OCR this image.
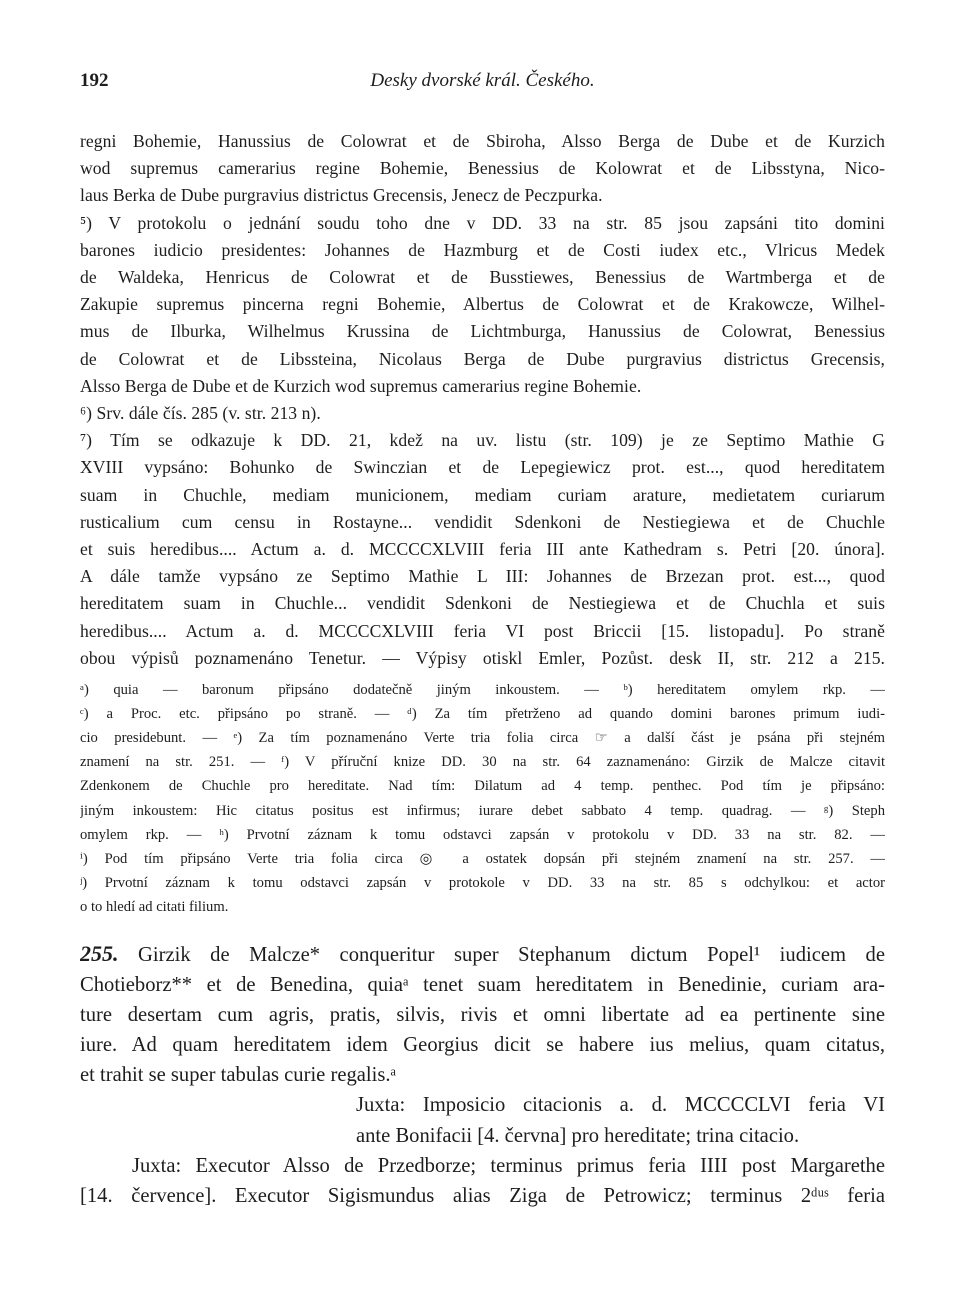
192	Desky dvorské král. Českého.
regni Bohemie, Hanussius de Colowrat et de Sbiroha, Alsso Berga de Dube et de Kurzich
wod supremus camerarius regine Bohemie, Benessius de Kolowrat et de Libsstyna, Nico-
laus Berka de Dube purgravius districtus Grecensis, Jenecz de Peczpurka.
⁵) V protokolu o jednání soudu toho dne v DD. 33 na str. 85 jsou zapsáni tito domini
barones iudicio presidentes: Johannes de Hazmburg et de Costi iudex etc., Vlricus Medek
de Waldeka, Henricus de Colowrat et de Busstiewes, Benessius de Wartmberga et de
Zakupie supremus pincerna regni Bohemie, Albertus de Colowrat et de Krakowcze, Wilhel-
mus de Ilburka, Wilhelmus Krussina de Lichtmburga, Hanussius de Colowrat, Benessius
de Colowrat et de Libssteina, Nicolaus Berga de Dube purgravius districtus Grecensis,
Alsso Berga de Dube et de Kurzich wod supremus camerarius regine Bohemie.
⁶) Srv. dále čís. 285 (v. str. 213 n).
⁷) Tím se odkazuje k DD. 21, kdež na uv. listu (str. 109) je ze Septimo Mathie G
XVIII vypsáno: Bohunko de Swinczian et de Lepegiewicz prot. est..., quod hereditatem
suam in Chuchle, mediam municionem, mediam curiam arature, medietatem curiarum
rusticalium cum censu in Rostayne... vendidit Sdenkoni de Nestiegiewa et de Chuchle
et suis heredibus.... Actum a. d. MCCCCXLVIII feria III ante Kathedram s. Petri [20. února].
A dále tamže vypsáno ze Septimo Mathie L III: Johannes de Brzezan prot. est..., quod
hereditatem suam in Chuchle... vendidit Sdenkoni de Nestiegiewa et de Chuchla et suis
heredibus.... Actum a. d. MCCCCXLVIII feria VI post Briccii [15. listopadu]. Po straně
obou výpisů poznamenáno Tenetur. — Výpisy otiskl Emler, Pozůst. desk II, str. 212 a 215.
ᵃ) quia — baronum připsáno dodatečně jiným inkoustem. — ᵇ) hereditatem omylem rkp. —
ᶜ) a Proc. etc. připsáno po straně. — ᵈ) Za tím přetrženo ad quando domini barones primum iudi-
cio presidebunt. — ᵉ) Za tím poznamenáno Verte tria folia circa ☞ a další část je psána při stejném
znamení na str. 251. — ᶠ) V příruční knize DD. 30 na str. 64 zaznamenáno: Girzik de Malcze citavit
Zdenkonem de Chuchle pro hereditate. Nad tím: Dilatum ad 4 temp. penthec. Pod tím je připsáno:
jiným inkoustem: Hic citatus positus est infirmus; iurare debet sabbato 4 temp. quadrag. — ᵍ) Steph
omylem rkp. — ʰ) Prvotní záznam k tomu odstavci zapsán v protokolu v DD. 33 na str. 82. —
ⁱ) Pod tím připsáno Verte tria folia circa ◎ a ostatek dopsán při stejném znamení na str. 257. —
ʲ) Prvotní záznam k tomu odstavci zapsán v protokole v DD. 33 na str. 85 s odchylkou: et actor
o to hledí ad citati filium.
255. Girzik de Malcze* conqueritur super Stephanum dictum Popel¹ iudicem de
Chotieborz** et de Benedina, quiaᵃ tenet suam hereditatem in Benedinie, curiam ara-
ture desertam cum agris, pratis, silvis, rivis et omni libertate ad ea pertinente sine
iure. Ad quam hereditatem idem Georgius dicit se habere ius melius, quam citatus,
et trahit se super tabulas curie regalis.ᵃ
Juxta: Imposicio citacionis a. d. MCCCCLVI feria VI
ante Bonifacii [4. června] pro hereditate; trina citacio.
Juxta: Executor Alsso de Przedborze; terminus primus feria IIII post Margarethe
[14. července]. Executor Sigismundus alias Ziga de Petrowicz; terminus 2ᵈᵘˢ feria
